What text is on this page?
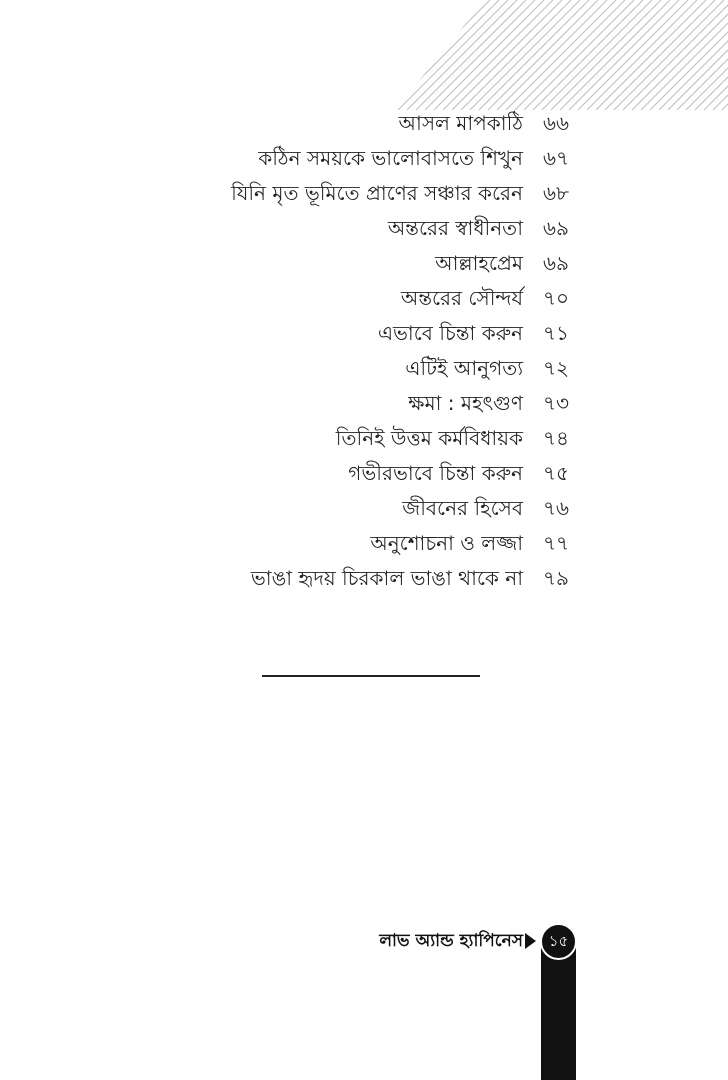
আসল মাপকাঠি ৬৬
কঠিন সময়কে ভালোবাসতে শিখুন ৬৭
যিনি মৃত ভূমিতে প্রাণের সঞ্চার করেন ৬৮
অন্তরের স্বাধীনতা ৬৯
আল্লাহপ্রেম ৬৯
অন্তরের সৌন্দর্য ৭০
এভাবে চিন্তা করুন ৭১
এটিই আনুগত্য ৭২
ক্ষমা : মহৎগুণ ৭৩
তিনিই উত্তম কর্মবিধায়ক ৭৪
গভীরভাবে চিন্তা করুন ৭৫
জীবনের হিসেব ৭৬
অনুশোচনা ও লজ্জা ৭৭
ভাঙা হৃদয় চিরকাল ভাঙা থাকে না ৭৯
লাভ অ্যান্ড হ্যাপিনেস	১৫
